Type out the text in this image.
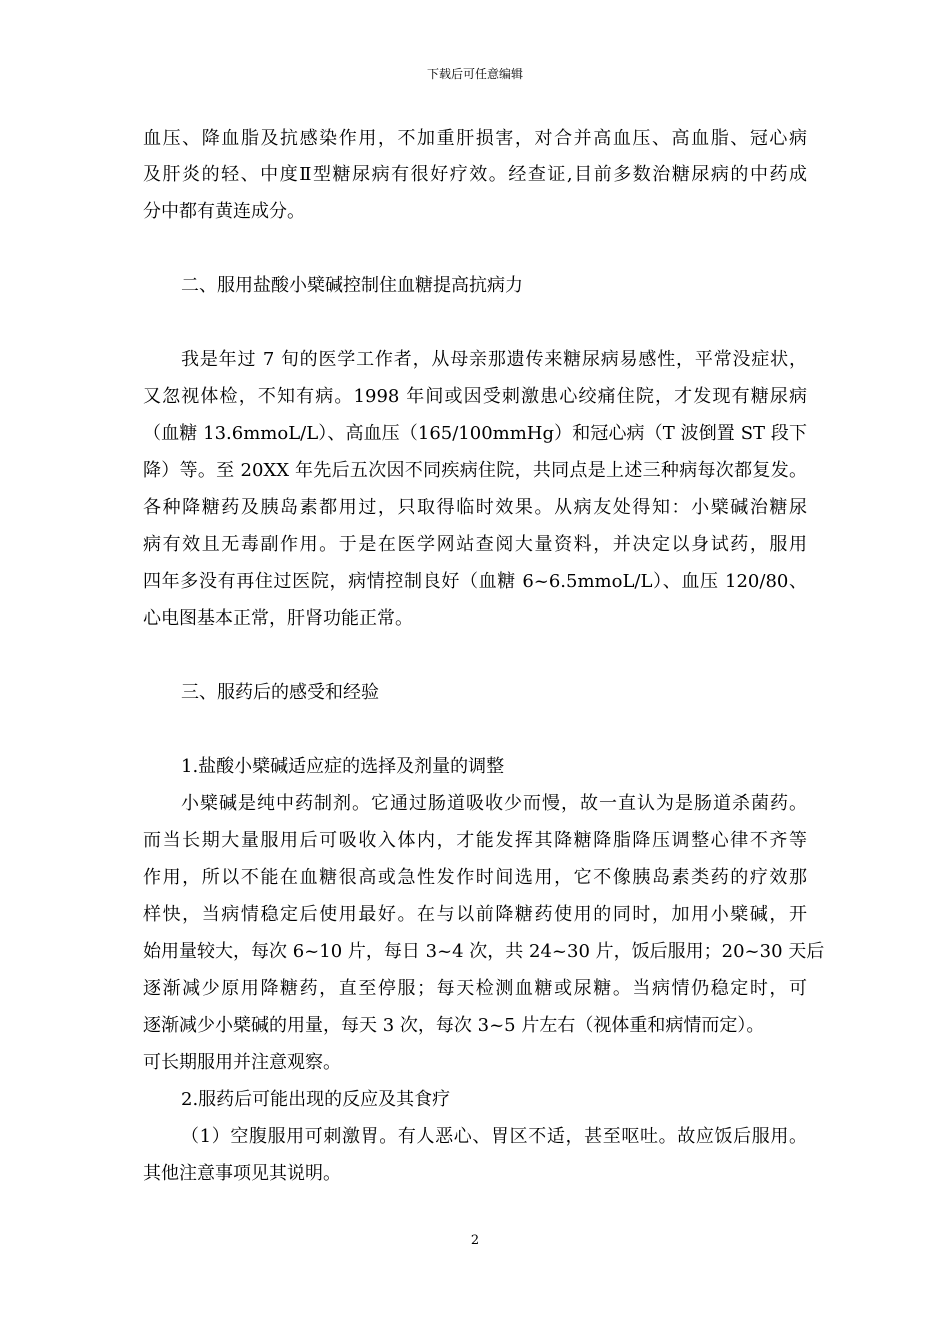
下载后可任意编辑
血压、降血脂及抗感染作用，不加重肝损害，对合并高血压、高血脂、冠心病
及肝炎的轻、中度Ⅱ型糖尿病有很好疗效。经查证,目前多数治糖尿病的中药成
分中都有黄连成分。
二、服用盐酸小檗碱控制住血糖提高抗病力
我是年过 7 旬的医学工作者，从母亲那遗传来糖尿病易感性，平常没症状，
又忽视体检，不知有病。1998 年间或因受刺激患心绞痛住院，才发现有糖尿病
（血糖 13.6mmoL/L）、高血压（165/100mmHg）和冠心病（T 波倒置 ST 段下
降）等。至 20XX 年先后五次因不同疾病住院，共同点是上述三种病每次都复发。
各种降糖药及胰岛素都用过，只取得临时效果。从病友处得知：小檗碱治糖尿
病有效且无毒副作用。于是在医学网站查阅大量资料，并决定以身试药，服用
四年多没有再住过医院，病情控制良好（血糖 6~6.5mmoL/L）、血压 120/80、
心电图基本正常，肝肾功能正常。
三、服药后的感受和经验
1.盐酸小檗碱适应症的选择及剂量的调整
小檗碱是纯中药制剂。它通过肠道吸收少而慢，故一直认为是肠道杀菌药。
而当长期大量服用后可吸收入体内，才能发挥其降糖降脂降压调整心律不齐等
作用，所以不能在血糖很高或急性发作时间选用，它不像胰岛素类药的疗效那
样快，当病情稳定后使用最好。在与以前降糖药使用的同时，加用小檗碱，开
始用量较大，每次 6~10 片，每日 3~4 次，共 24~30 片，饭后服用；20~30 天后
逐渐减少原用降糖药，直至停服；每天检测血糖或尿糖。当病情仍稳定时，可
逐渐减少小檗碱的用量，每天 3 次，每次 3~5 片左右（视体重和病情而定）。
可长期服用并注意观察。
2.服药后可能出现的反应及其食疗
（1）空腹服用可刺激胃。有人恶心、胃区不适，甚至呕吐。故应饭后服用。
其他注意事项见其说明。
2
